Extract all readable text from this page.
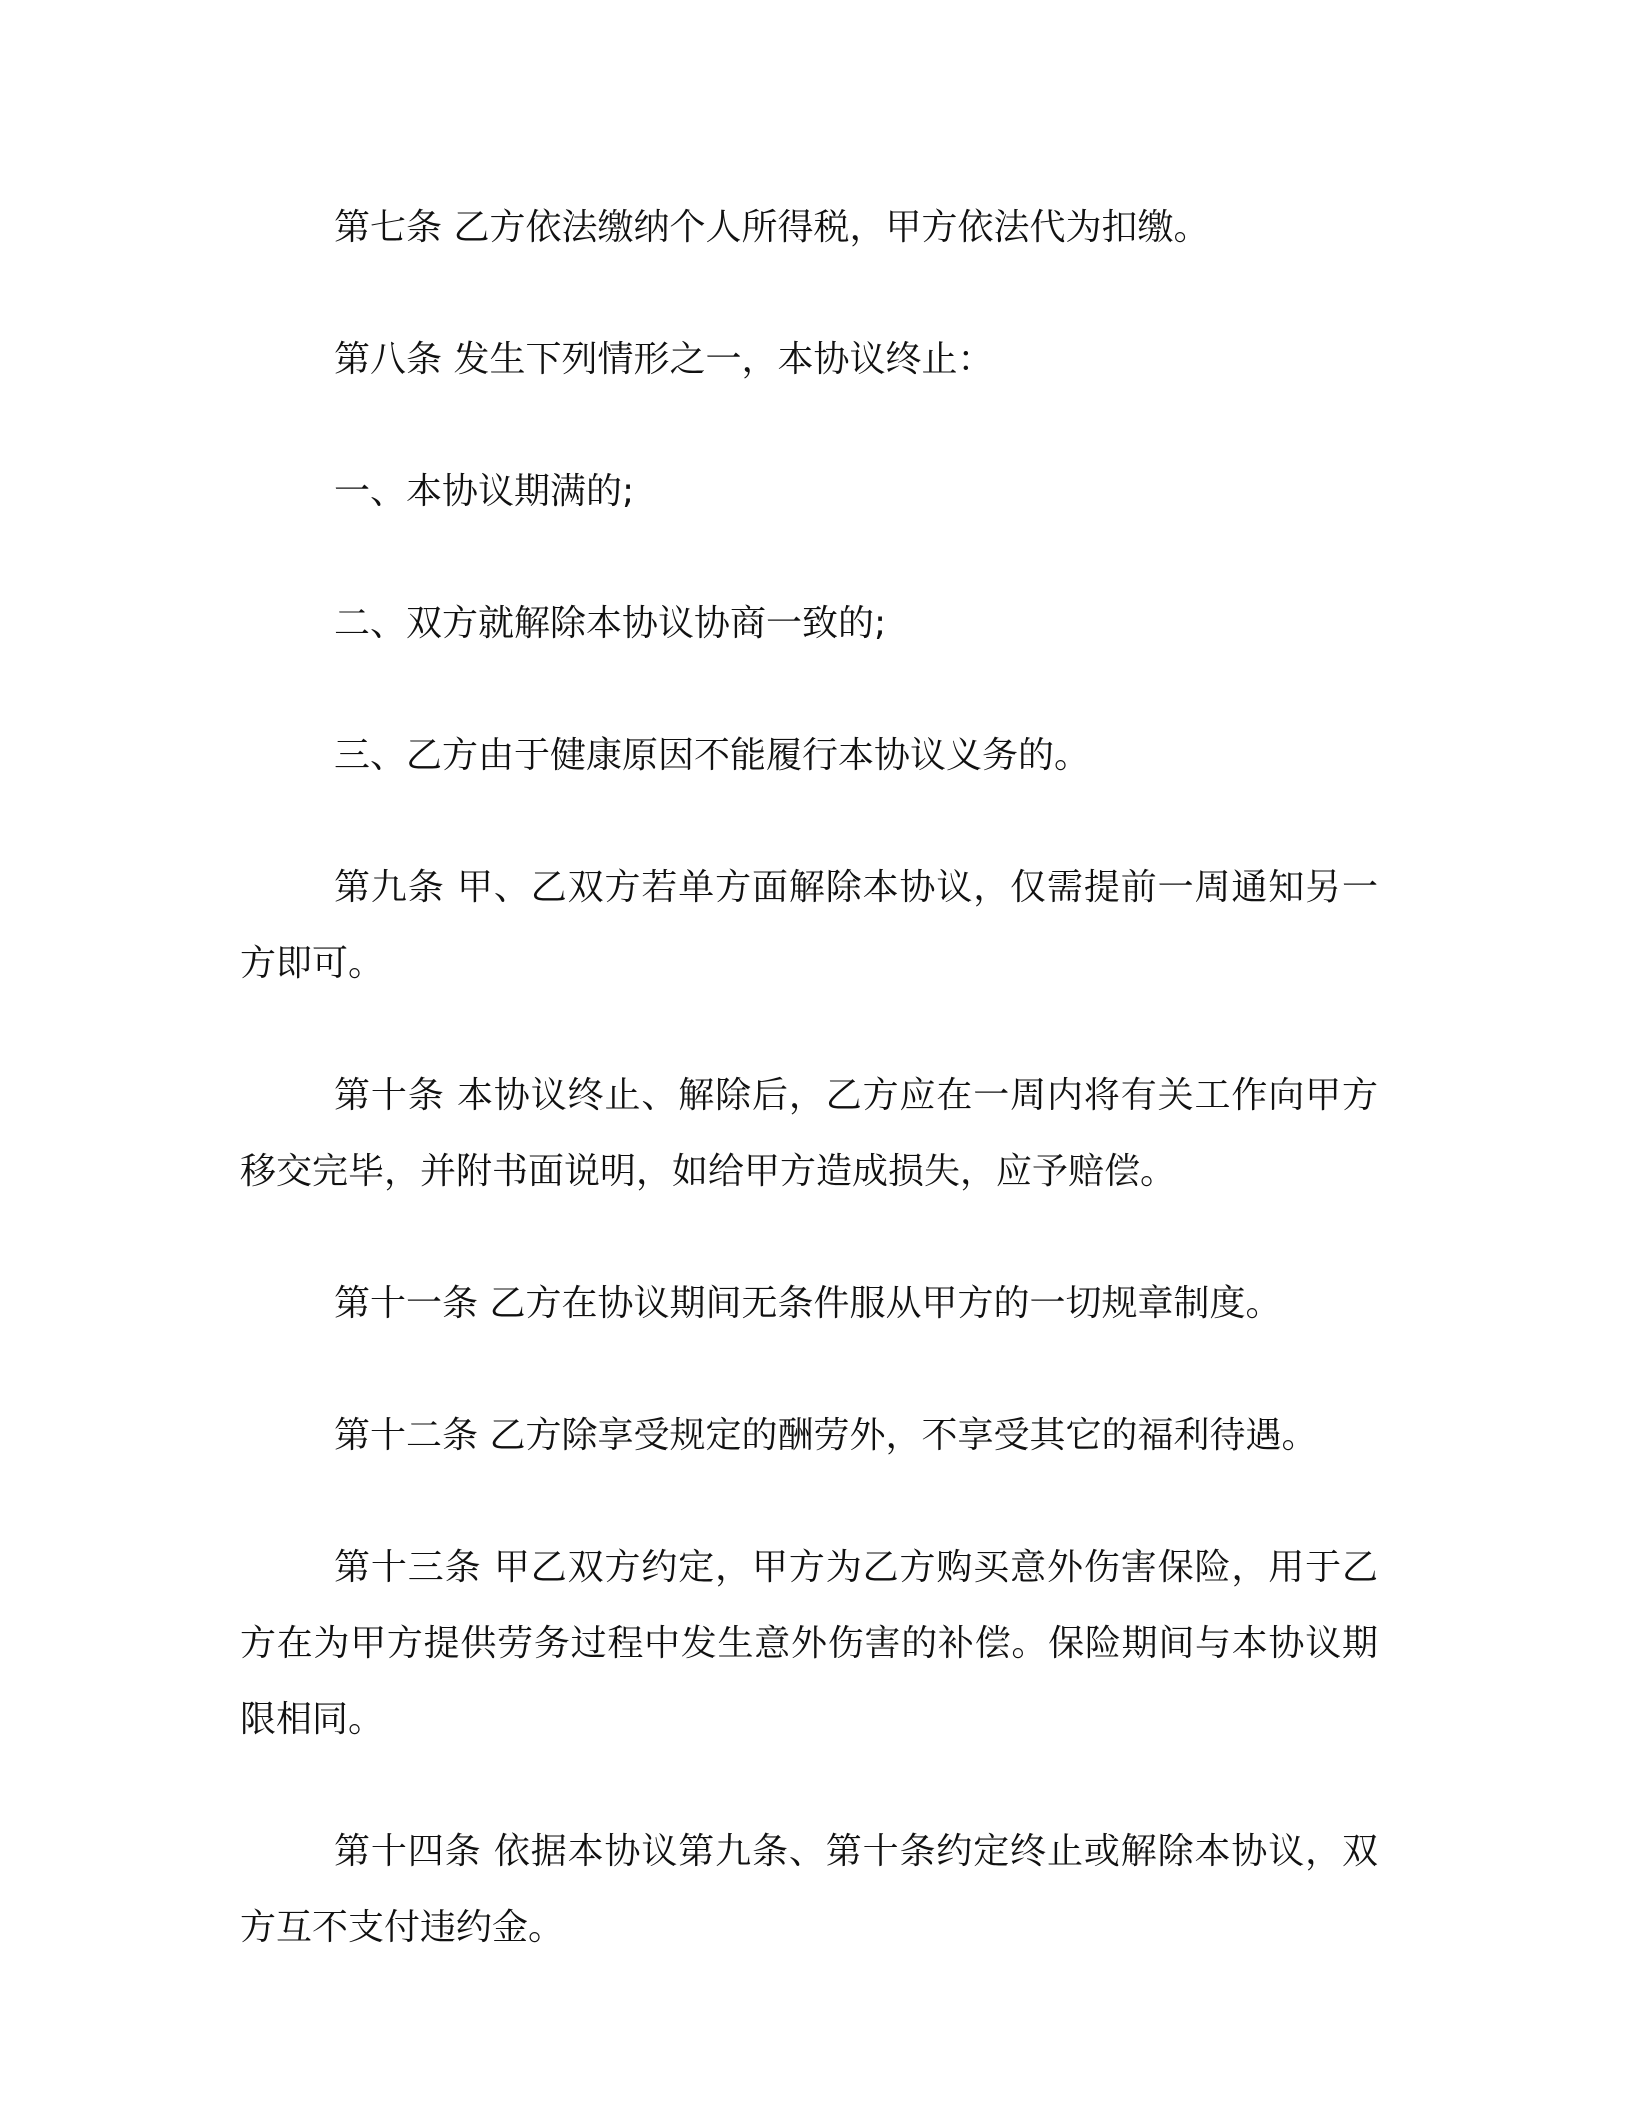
第七条 乙方依法缴纳个人所得税，甲方依法代为扣缴。

第八条 发生下列情形之一，本协议终止：

一、本协议期满的;

二、双方就解除本协议协商一致的;

三、乙方由于健康原因不能履行本协议义务的。

第九条 甲、乙双方若单方面解除本协议，仅需提前一周通知另一方即可。

第十条 本协议终止、解除后，乙方应在一周内将有关工作向甲方移交完毕，并附书面说明，如给甲方造成损失，应予赔偿。

第十一条 乙方在协议期间无条件服从甲方的一切规章制度。

第十二条 乙方除享受规定的酬劳外，不享受其它的福利待遇。

第十三条 甲乙双方约定，甲方为乙方购买意外伤害保险，用于乙方在为甲方提供劳务过程中发生意外伤害的补偿。保险期间与本协议期限相同。

第十四条 依据本协议第九条、第十条约定终止或解除本协议，双方互不支付违约金。
